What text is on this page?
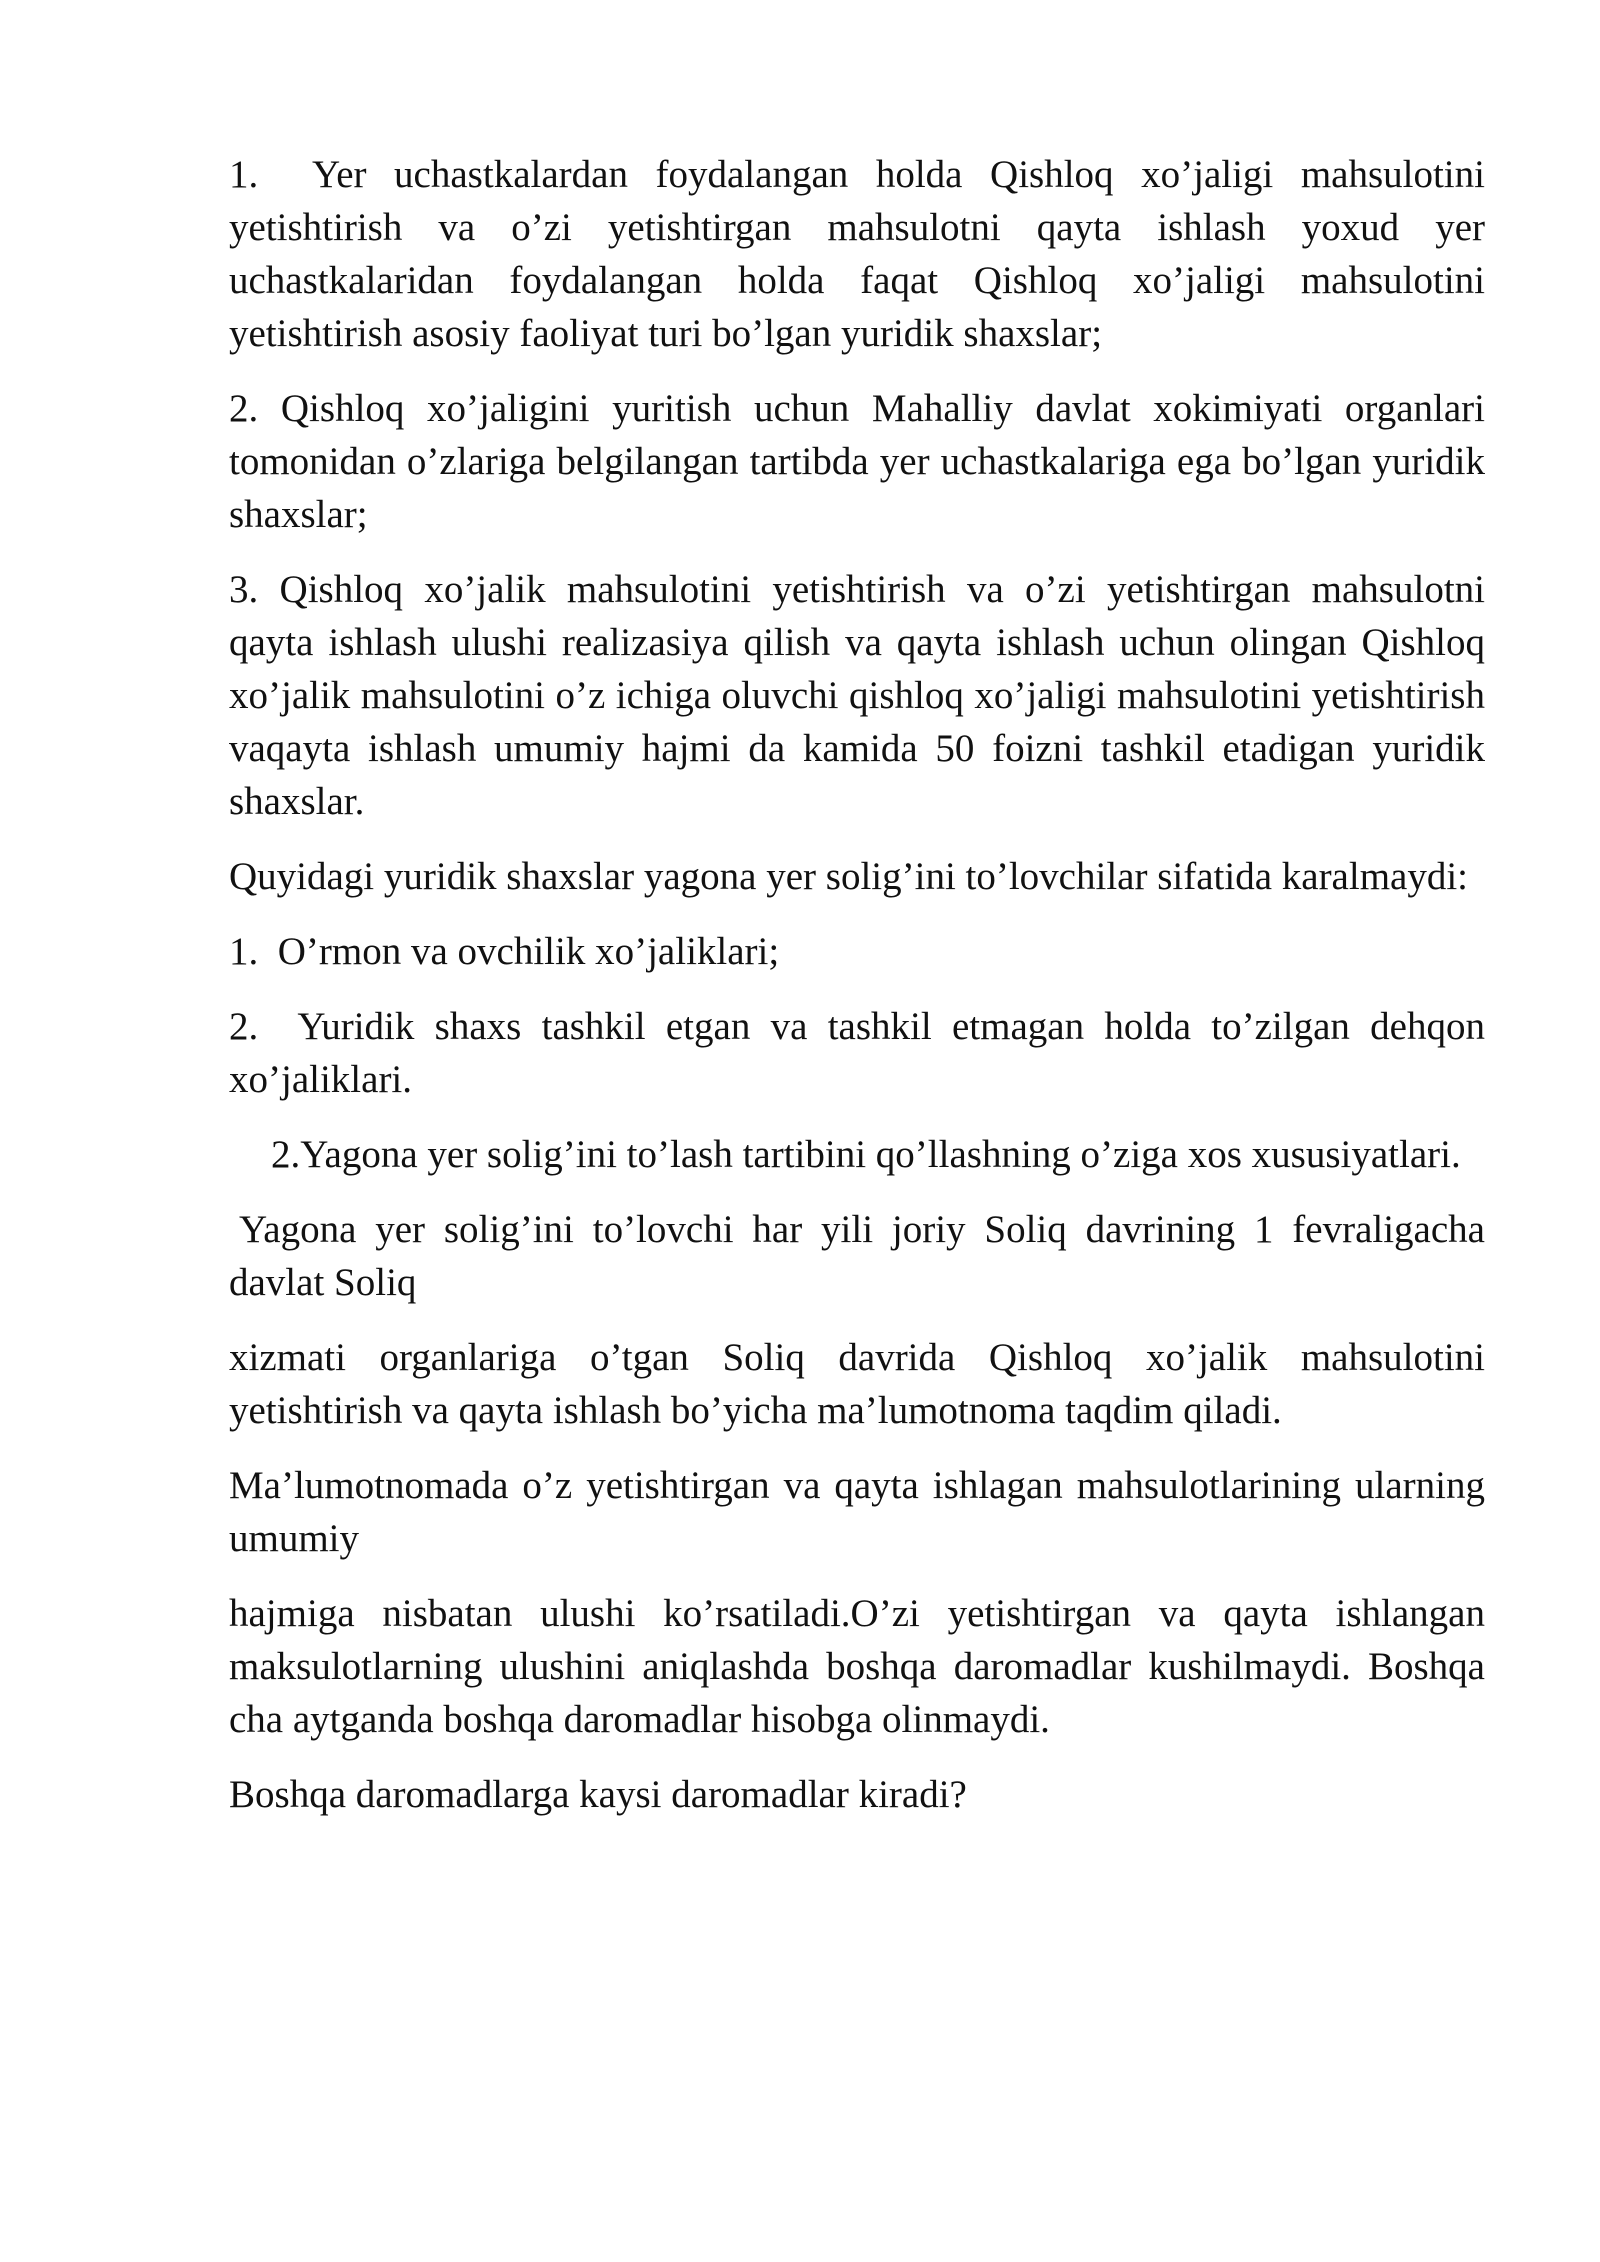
1. Yer uchastkalardan foydalangan holda Qishloq xo’jaligi mahsulotini yetishtirish va o’zi yetishtirgan mahsulotni qayta ishlash yoxud yer uchastkalaridan foydalangan holda faqat Qishloq xo’jaligi mahsulotini yetishtirish asosiy faoliyat turi bo’lgan yuridik shaxslar;

2. Qishloq xo’jaligini yuritish uchun Mahalliy davlat xokimiyati organlari tomonidan o’zlariga belgilangan tartibda yer uchastkalariga ega bo’lgan yuridik shaxslar;

3. Qishloq xo’jalik mahsulotini yetishtirish va o’zi yetishtirgan mahsulotni qayta ishlash ulushi realizasiya qilish va qayta ishlash uchun olingan Qishloq xo’jalik mahsulotini o’z ichiga oluvchi qishloq xo’jaligi mahsulotini yetishtirish vaqayta ishlash umumiy hajmi da kamida 50 foizni tashkil etadigan yuridik shaxslar.

Quyidagi yuridik shaxslar yagona yer solig’ini to’lovchilar sifatida karalmaydi:

1. O’rmon va ovchilik xo’jaliklari;

2. Yuridik shaxs tashkil etgan va tashkil etmagan holda to’zilgan dehqon xo’jaliklari.

2.Yagona yer solig’ini to’lash tartibini qo’llashning o’ziga xos xususiyatlari.

Yagona yer solig’ini to’lovchi har yili joriy Soliq davrining 1 fevraligacha davlat Soliq

xizmati organlariga o’tgan Soliq davrida Qishloq xo’jalik mahsulotini yetishtirish va qayta ishlash bo’yicha ma’lumotnoma taqdim qiladi.

Ma’lumotnomada o’z yetishtirgan va qayta ishlagan mahsulotlarining ularning umumiy

hajmiga nisbatan ulushi ko’rsatiladi.O’zi yetishtirgan va qayta ishlangan maksulotlarning ulushini aniqlashda boshqa daromadlar kushilmaydi. Boshqa cha aytganda boshqa daromadlar hisobga olinmaydi.

Boshqa daromadlarga kaysi daromadlar kiradi?
